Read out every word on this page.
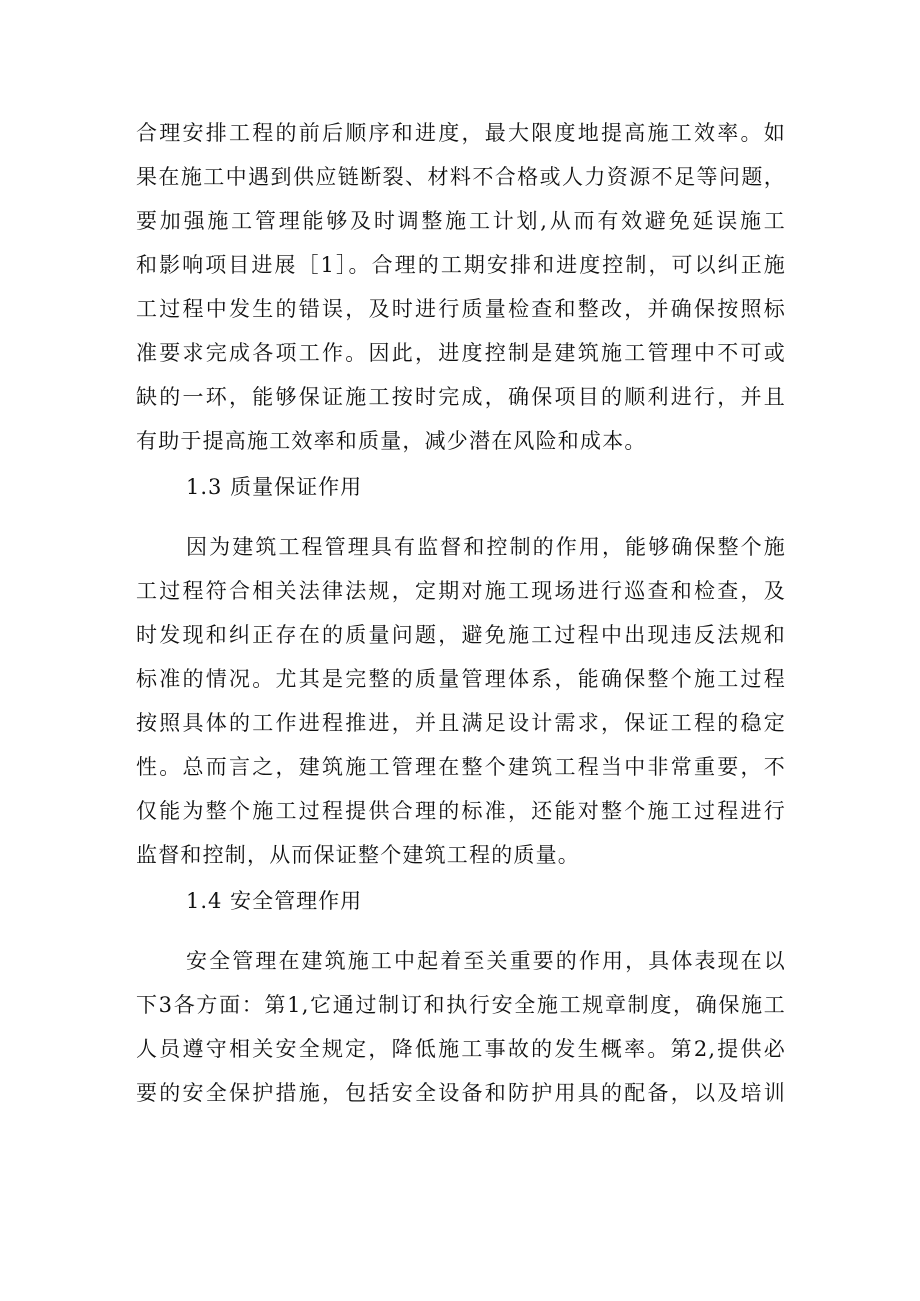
合理安排工程的前后顺序和进度，最大限度地提高施工效率。如
果在施工中遇到供应链断裂、材料不合格或人力资源不足等问题，
要加强施工管理能够及时调整施工计划,从而有效避免延误施工
和影响项目进展［1］。合理的工期安排和进度控制，可以纠正施
工过程中发生的错误，及时进行质量检查和整改，并确保按照标
准要求完成各项工作。因此，进度控制是建筑施工管理中不可或
缺的一环，能够保证施工按时完成，确保项目的顺利进行，并且
有助于提高施工效率和质量，减少潜在风险和成本。
1.3 质量保证作用
因为建筑工程管理具有监督和控制的作用，能够确保整个施
工过程符合相关法律法规，定期对施工现场进行巡查和检查，及
时发现和纠正存在的质量问题，避免施工过程中出现违反法规和
标准的情况。尤其是完整的质量管理体系，能确保整个施工过程
按照具体的工作进程推进，并且满足设计需求，保证工程的稳定
性。总而言之，建筑施工管理在整个建筑工程当中非常重要，不
仅能为整个施工过程提供合理的标准，还能对整个施工过程进行
监督和控制，从而保证整个建筑工程的质量。
1.4 安全管理作用
安全管理在建筑施工中起着至关重要的作用，具体表现在以
下3各方面：第1,它通过制订和执行安全施工规章制度，确保施工
人员遵守相关安全规定，降低施工事故的发生概率。第2,提供必
要的安全保护措施，包括安全设备和防护用具的配备，以及培训
